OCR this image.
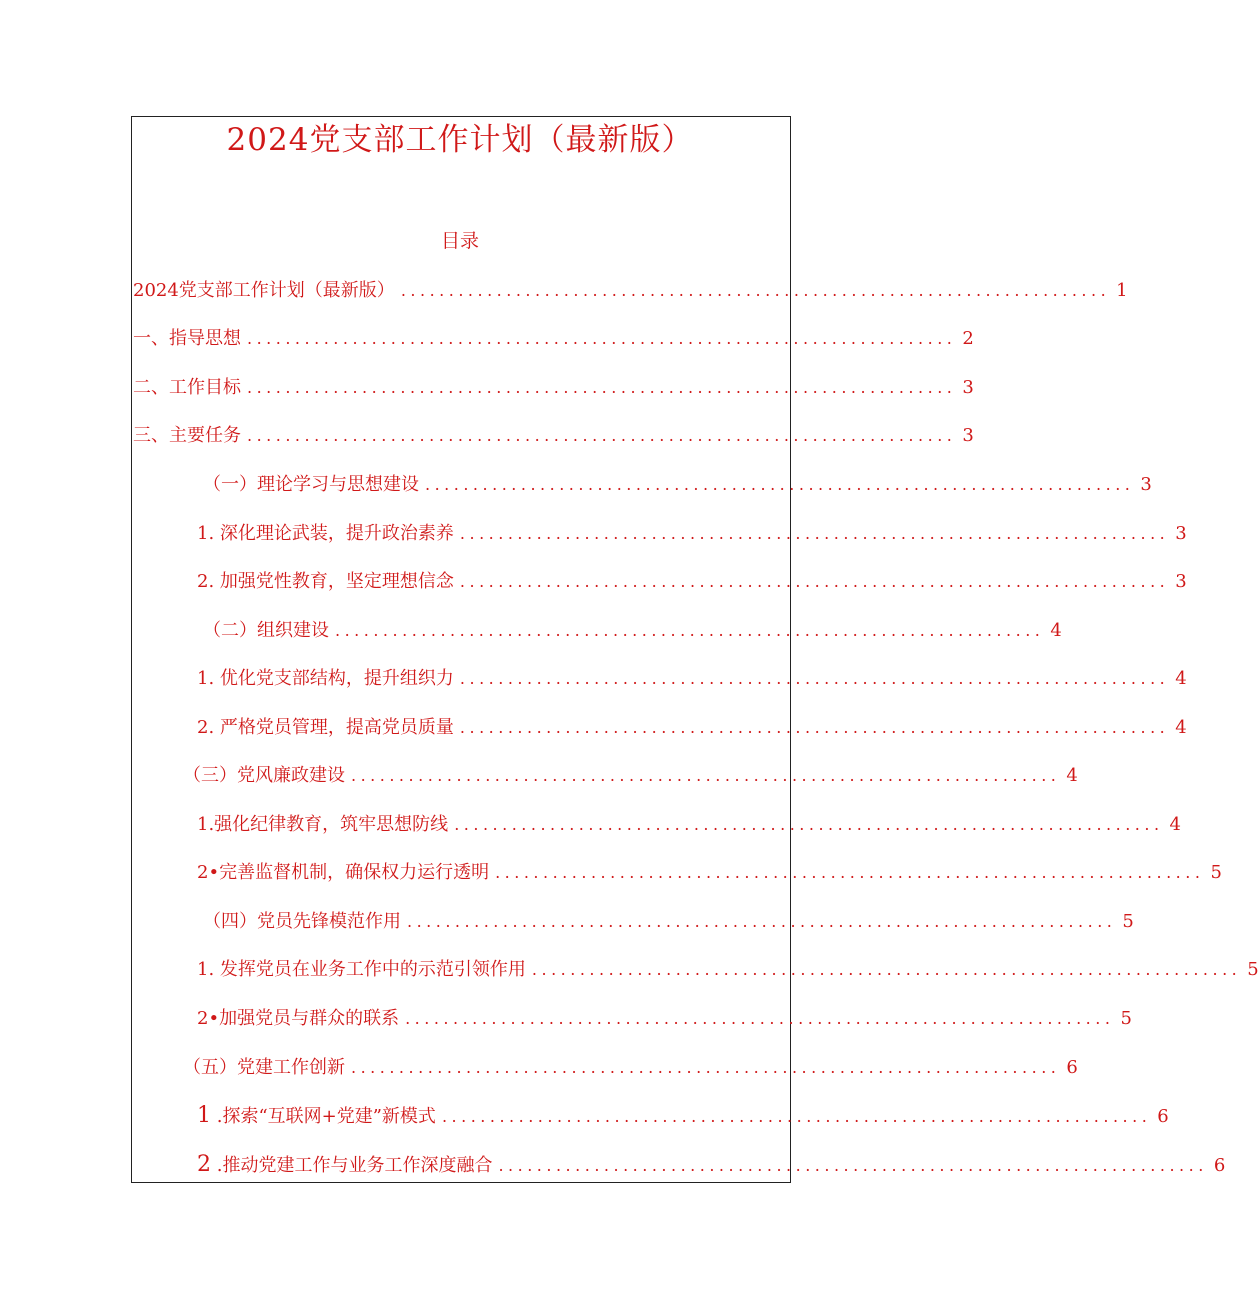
2024党支部工作计划（最新版）
目录
2024党支部工作计划（最新版） .......................................................................... 1
一、指导思想 .......................................................................... 2
二、工作目标 .......................................................................... 3
三、主要任务 .......................................................................... 3
（一）理论学习与思想建设 .......................................................................... 3
1. 深化理论武装，提升政治素养 .......................................................................... 3
2. 加强党性教育，坚定理想信念 .......................................................................... 3
（二）组织建设 .......................................................................... 4
1. 优化党支部结构，提升组织力 .......................................................................... 4
2. 严格党员管理，提高党员质量 .......................................................................... 4
（三）党风廉政建设 .......................................................................... 4
1.强化纪律教育，筑牢思想防线 .......................................................................... 4
2•完善监督机制，确保权力运行透明 .......................................................................... 5
（四）党员先锋模范作用 .......................................................................... 5
1. 发挥党员在业务工作中的示范引领作用 .......................................................................... 5
2•加强党员与群众的联系 .......................................................................... 5
（五）党建工作创新 .......................................................................... 6
1 .探索“互联网+党建”新模式 .......................................................................... 6
2 .推动党建工作与业务工作深度融合 .......................................................................... 6
